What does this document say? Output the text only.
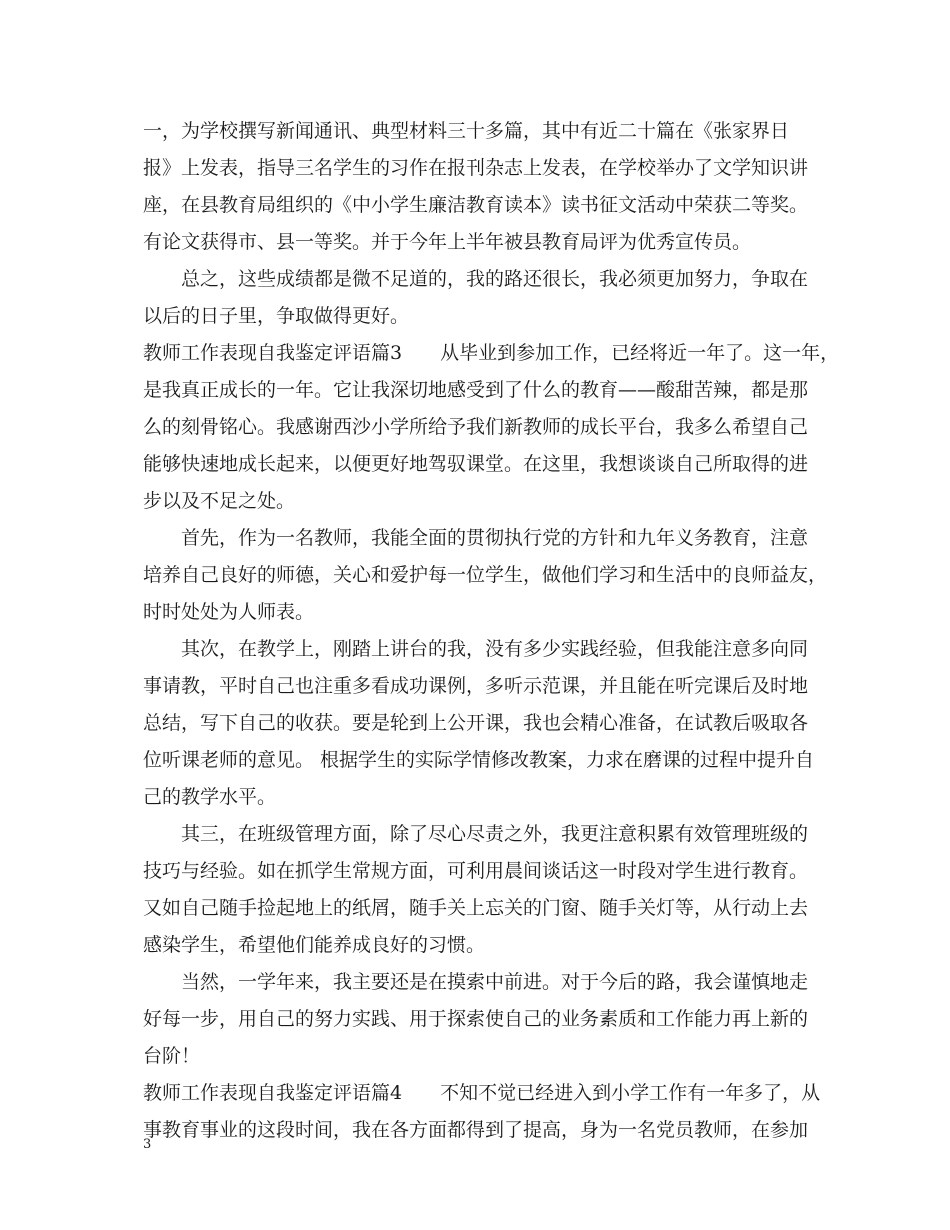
一，为学校撰写新闻通讯、典型材料三十多篇，其中有近二十篇在《张家界日
报》上发表，指导三名学生的习作在报刊杂志上发表，在学校举办了文学知识讲
座，在县教育局组织的《中小学生廉洁教育读本》读书征文活动中荣获二等奖。
有论文获得市、县一等奖。并于今年上半年被县教育局评为优秀宣传员。
总之，这些成绩都是微不足道的，我的路还很长，我必须更加努力，争取在
以后的日子里，争取做得更好。
教师工作表现自我鉴定评语篇3 从毕业到参加工作，已经将近一年了。这一年，
是我真正成长的一年。它让我深切地感受到了什么的教育——酸甜苦辣，都是那
么的刻骨铭心。我感谢西沙小学所给予我们新教师的成长平台，我多么希望自己
能够快速地成长起来，以便更好地驾驭课堂。在这里，我想谈谈自己所取得的进
步以及不足之处。
首先，作为一名教师，我能全面的贯彻执行党的方针和九年义务教育，注意
培养自己良好的师德，关心和爱护每一位学生，做他们学习和生活中的良师益友，
时时处处为人师表。
其次，在教学上，刚踏上讲台的我，没有多少实践经验，但我能注意多向同
事请教，平时自己也注重多看成功课例，多听示范课，并且能在听完课后及时地
总结，写下自己的收获。要是轮到上公开课，我也会精心准备，在试教后吸取各
位听课老师的意见。 根据学生的实际学情修改教案，力求在磨课的过程中提升自
己的教学水平。
其三，在班级管理方面，除了尽心尽责之外，我更注意积累有效管理班级的
技巧与经验。如在抓学生常规方面，可利用晨间谈话这一时段对学生进行教育。
又如自己随手捡起地上的纸屑，随手关上忘关的门窗、随手关灯等，从行动上去
感染学生，希望他们能养成良好的习惯。
当然，一学年来，我主要还是在摸索中前进。对于今后的路，我会谨慎地走
好每一步，用自己的努力实践、用于探索使自己的业务素质和工作能力再上新的
台阶！
教师工作表现自我鉴定评语篇4 不知不觉已经进入到小学工作有一年多了，从
事教育事业的这段时间，我在各方面都得到了提高，身为一名党员教师，在参加
3
